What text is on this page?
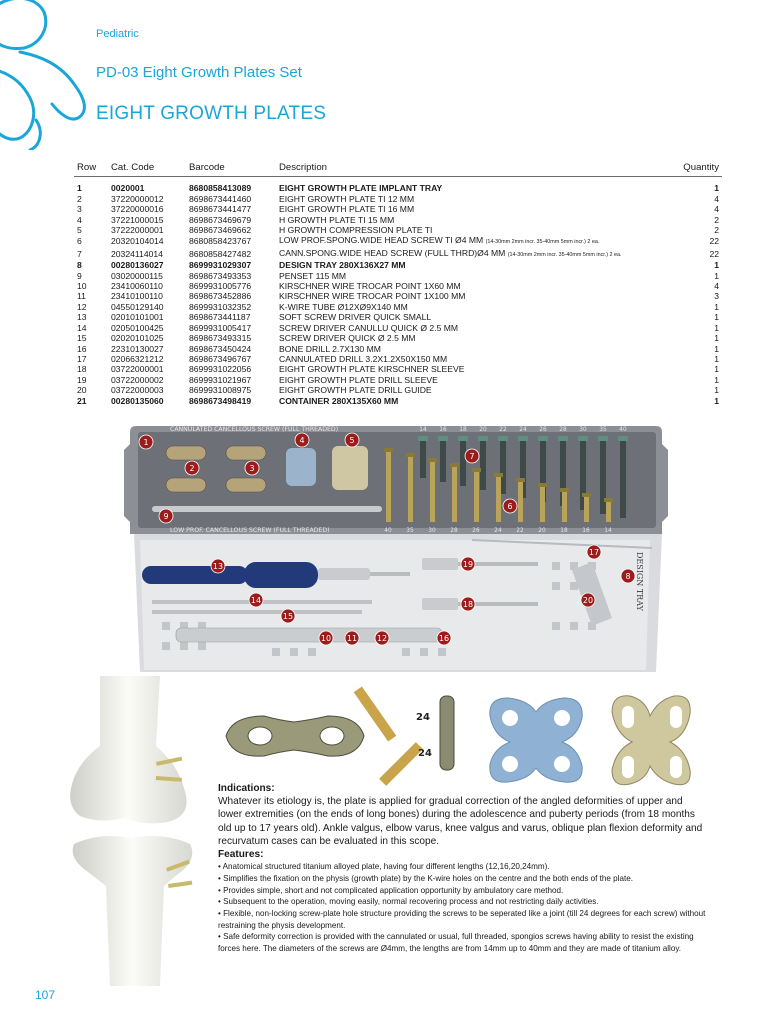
Pediatric
PD-03 Eight Growth Plates Set
EIGHT GROWTH PLATES
Row	Cat. Code	Barcode	Description	Quantity
1	0020001	8680858413089	EIGHT GROWTH PLATE IMPLANT TRAY	1
2	37220000012	8698673441460	EIGHT GROWTH PLATE TI 12 MM	4
3	37220000016	8698673441477	EIGHT GROWTH PLATE TI 16 MM	4
4	37221000015	8698673469679	H GROWTH PLATE TI 15 MM	2
5	37222000001	8698673469662	H GROWTH COMPRESSION PLATE TI	2
6	20320104014	8680858423767	LOW PROF.SPONG.WIDE HEAD SCREW TI Ø4 MM (14-30mm 2mm incr. 35-40mm 5mm incr.) 2 ea.	22
7	20324114014	8680858427482	CANN.SPONG.WIDE HEAD SCREW (FULL THRD)Ø4 MM (14-30mm 2mm incr. 35-40mm 5mm incr.) 2 ea.	22
8	00280136027	8699931029307	DESIGN TRAY 280X136X27 MM	1
9	03020000115	8698673493353	PENSET 115 MM	1
10	23410060110	8699931005776	KIRSCHNER WIRE TROCAR POINT 1X60 MM	4
11	23410100110	8698673452886	KIRSCHNER WIRE TROCAR POINT 1X100 MM	3
12	04550129140	8699931032352	K-WIRE TUBE Ø12XØ9X140 MM	1
13	02010101001	8698673441187	SOFT SCREW DRIVER QUICK SMALL	1
14	02050100425	8699931005417	SCREW DRIVER CANULLU QUICK Ø 2.5 MM	1
15	02020101025	8698673493315	SCREW DRIVER QUICK Ø 2.5 MM	1
16	22310130027	8698673450424	BONE DRILL 2.7X130 MM	1
17	02066321212	8698673496767	CANNULATED DRILL 3.2X1.2X50X150 MM	1
18	03722000001	8699931022056	EIGHT GROWTH PLATE KIRSCHNER SLEEVE	1
19	03722000002	8699931021967	EIGHT GROWTH PLATE DRILL SLEEVE	1
20	03722000003	8699931008975	EIGHT GROWTH PLATE DRILL GUIDE	1
21	00280135060	8698673498419	CONTAINER 280X135X60 MM	1
14 16 18 20 22 24 26 28 30 35 40
40	35	30	28	26	24	22	20	18	16	14
CANNULATED CANCELLOUS SCREW (FULL THREADED)
LOW PROF. CANCELLOUS SCREW (FULL THREADED)
DESIGN TRAY
1
2	3
4	5
6
7
8
9
10 11 12
13
14
15
16
17
18
19
20
24
24
Indications:
Whatever its etiology is, the plate is applied for gradual correction of the angled deformities of upper and lower extremities (on the ends of long bones) during the adolescence and puberty periods (from 18 months old up to 17 years old). Ankle valgus, elbow varus, knee valgus and varus, oblique plan flexion deformity and recurvatum cases can be evaluated in this scope.
Features:
• Anatomical structured titanium alloyed plate, having four different lengths (12,16,20,24mm).
• Simplifies the fixation on the physis (growth plate) by the K-wire holes on the centre and the both ends of the plate.
• Provides simple, short and not complicated application opportunity by ambulatory care method.
• Subsequent to the operation, moving easily, normal recovering process and not restricting daily activities.
• Flexible, non-locking screw-plate hole structure providing the screws to be seperated like a joint (till 24 degrees for each screw) without restraining the physis development.
• Safe deformity correction is provided with the cannulated or usual, full threaded, spongios screws having ability to resist the existing forces here. The diameters of the screws are Ø4mm, the lengths are from 14mm up to 40mm and they are made of titanium alloy.
107
